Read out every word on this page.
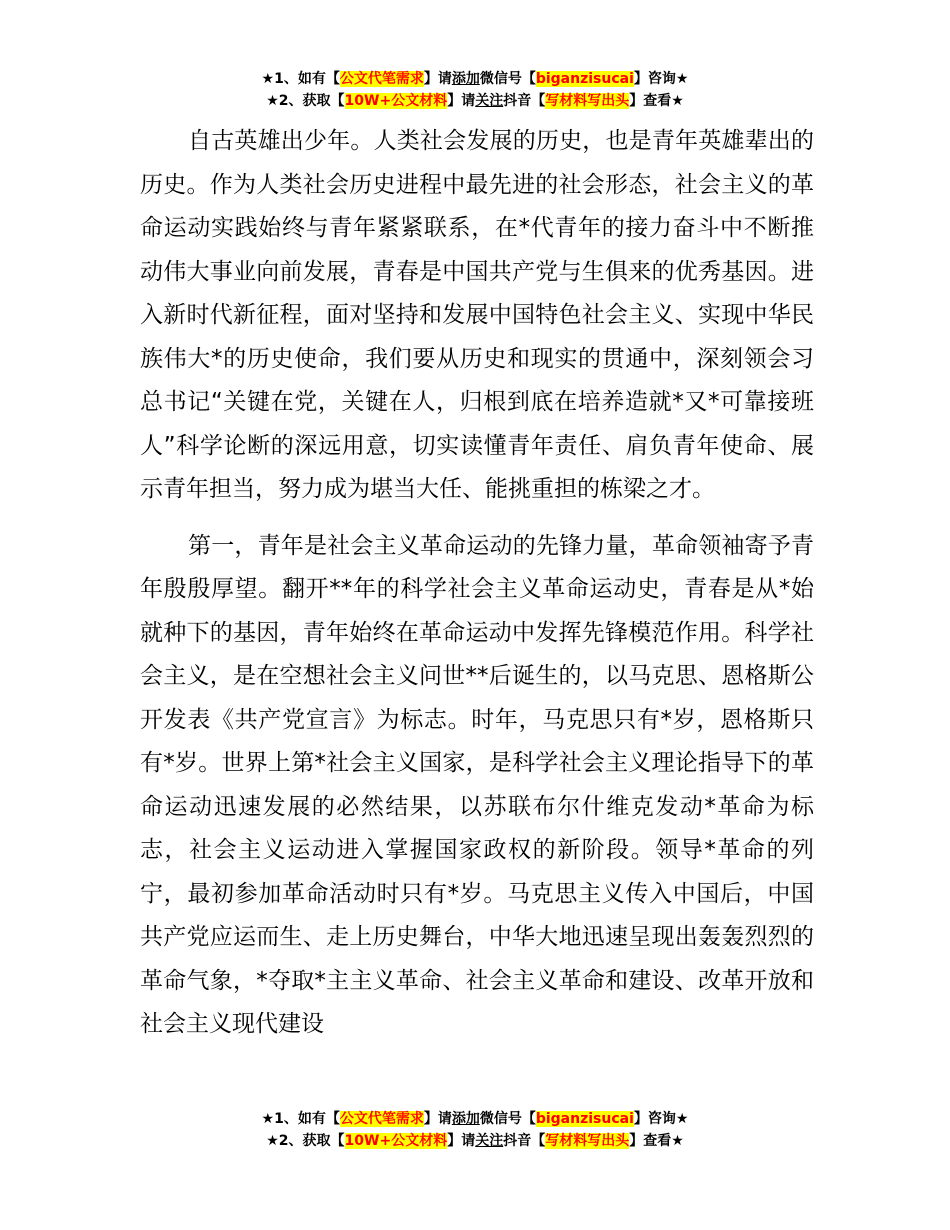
★1、如有【公文代笔需求】请添加微信号【biganzisucai】咨询★
★2、获取【10W+公文材料】请关注抖音【写材料写出头】查看★

自古英雄出少年。人类社会发展的历史，也是青年英雄辈出的历史。作为人类社会历史进程中最先进的社会形态，社会主义的革命运动实践始终与青年紧紧联系，在*代青年的接力奋斗中不断推动伟大事业向前发展，青春是中国共产党与生俱来的优秀基因。进入新时代新征程，面对坚持和发展中国特色社会主义、实现中华民族伟大*的历史使命，我们要从历史和现实的贯通中，深刻领会习总书记“关键在党，关键在人，归根到底在培养造就*又*可靠接班人”科学论断的深远用意，切实读懂青年责任、肩负青年使命、展示青年担当，努力成为堪当大任、能挑重担的栋梁之才。

第一，青年是社会主义革命运动的先锋力量，革命领袖寄予青年殷殷厚望。翻开**年的科学社会主义革命运动史，青春是从*始就种下的基因，青年始终在革命运动中发挥先锋模范作用。科学社会主义，是在空想社会主义问世**后诞生的，以马克思、恩格斯公开发表《共产党宣言》为标志。时年，马克思只有*岁，恩格斯只有*岁。世界上第*社会主义国家，是科学社会主义理论指导下的革命运动迅速发展的必然结果，以苏联布尔什维克发动*革命为标志，社会主义运动进入掌握国家政权的新阶段。领导*革命的列宁，最初参加革命活动时只有*岁。马克思主义传入中国后，中国共产党应运而生、走上历史舞台，中华大地迅速呈现出轰轰烈烈的革命气象，*夺取*主主义革命、社会主义革命和建设、改革开放和社会主义现代建设

★1、如有【公文代笔需求】请添加微信号【biganzisucai】咨询★
★2、获取【10W+公文材料】请关注抖音【写材料写出头】查看★
